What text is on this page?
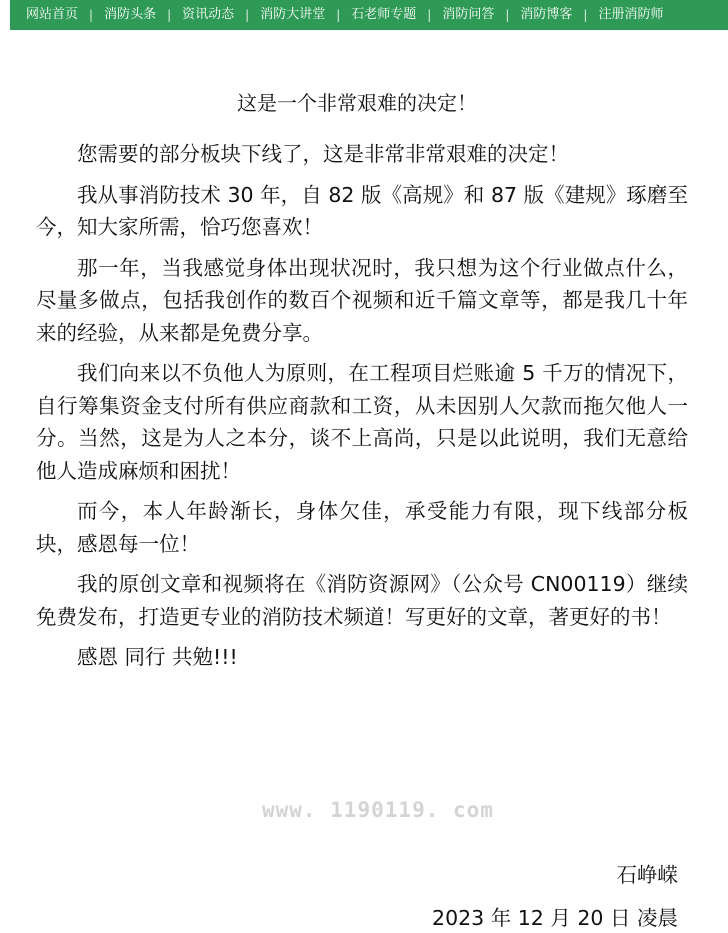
网站首页 | 消防头条 | 资讯动态 | 消防大讲堂 | 石老师专题 | 消防问答 | 消防博客 | 注册消防师
这是一个非常艰难的决定！

您需要的部分板块下线了，这是非常非常艰难的决定！

我从事消防技术 30 年，自 82 版《高规》和 87 版《建规》琢磨至今，知大家所需，恰巧您喜欢！

那一年，当我感觉身体出现状况时，我只想为这个行业做点什么，尽量多做点，包括我创作的数百个视频和近千篇文章等，都是我几十年来的经验，从来都是免费分享。

我们向来以不负他人为原则，在工程项目烂账逾 5 千万的情况下，自行筹集资金支付所有供应商款和工资，从未因别人欠款而拖欠他人一分。当然，这是为人之本分，谈不上高尚，只是以此说明，我们无意给他人造成麻烦和困扰！

而今，本人年龄渐长，身体欠佳，承受能力有限，现下线部分板块，感恩每一位！

我的原创文章和视频将在《消防资源网》（公众号 CN00119）继续免费发布，打造更专业的消防技术频道！写更好的文章，著更好的书！

感恩 同行 共勉!!!

www. 1190119. com
石峥嵘
2023 年 12 月 20 日 凌晨
